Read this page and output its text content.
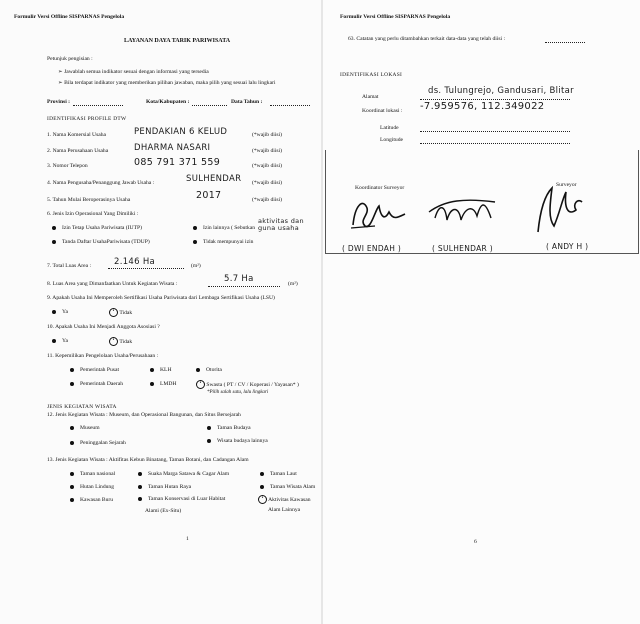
Formulir Versi Offline SISPARNAS Pengelola
LAYANAN DAYA TARIK PARIWISATA
Petunjuk pengisian :
➢ Jawablah semua indikator sesuai dengan informasi yang tersedia
➢ Bila terdapat indikator yang memberikan pilihan jawaban, maka pilih yang sesuai lalu lingkari
Provinsi :	Kota/Kabupaten :	Data Tahun :
IDENTIFIKASI PROFILE DTW
1. Nama Komersial Usaha	PENDAKIAN 6 KELUD	(*wajib diisi)
2. Nama Perusahaan Usaha	DHARMA NASARI	(*wajib diisi)
3. Nomor Telepon	085 791 371 559	(*wajib diisi)
4. Nama Pengusaha/Penanggung Jawab Usaha :	SULHENDAR (*wajib diisi)
5. Tahun Mulai Beroperasinya Usaha	2017	(*wajib diisi)
6. Jenis Izin Operasional Yang Dimiliki :
Izin Tetap Usaha Pariwisata (IUTP)	Izin lainnya ( Sebutkan
aktivitas dan guna usaha
Tanda Daftar UsahaPariwisata (TDUP)	Tidak mempunyai izin
7. Total Luas Area :	2.146 Ha	(m²)
8. Luas Area yang Dimanfaatkan Untuk Kegiatan Wisata :	5.7 Ha	(m²)
9. Apakah Usaha Ini Memperoleh Sertifikasi Usaha Pariwisata dari Lembaga Sertifikasi Usaha (LSU)
Ya	• Tidak
10. Apakah Usaha Ini Menjadi Anggota Asosiasi ?
Ya	• Tidak
11. Kepemilikan Pengelolaan Usaha/Perusahaan :
Pemerintah Pusat	KLH	Otorita
Pemerintah Daerah	LMDH	• Swasta ( PT / CV / Koperasi / Yayasan* )
*Pilih salah satu, lalu lingkari
JENIS KEGIATAN WISATA
12. Jenis Kegiatan Wisata : Museum, dan Operasional Bangunan, dan Situs Bersejarah
Museum	Taman Budaya
Peninggalan Sejarah	Wisata budaya lainnya
13. Jenis Kegiatan Wisata : Aktifitas Kebun Binatang, Taman Botani, dan Cadangan Alam
Taman nasional	Suaka Marga Satawa & Cagar Alam	Taman Laut
Hutan Lindung	Taman Hutan Raya	Taman Wisata Alam
Kawasan Buru	Taman Konservasi di Luar Habitat	• Aktivitas Kawasan
Alami (Ex-Situ)	Alam Lainnya
1
Formulir Versi Offline SISPARNAS Pengelola
63. Catatan yang perlu ditambahkan terkait data-data yang telah diisi :
IDENTIFIKASI LOKASI
Alamat
ds. Tulungrejo, Gandusari, Blitar
Koordinat lokasi : -7.959576, 112.349022
Latitude
Longitude
Koordinator Surveyor	Surveyor
( DWI ENDAH )	( SULHENDAR )	( ANDY H )
6
